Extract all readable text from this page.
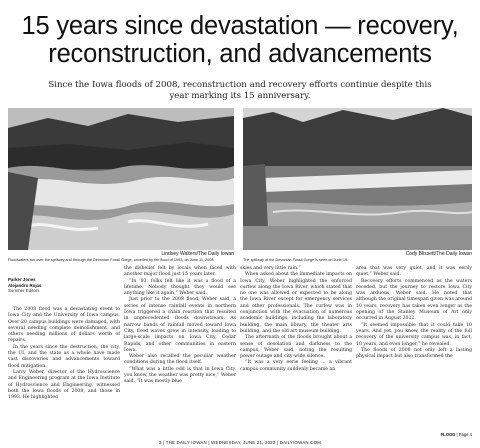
15 years since devastation — recovery,
reconstruction, and advancements
Since the Iowa floods of 2008, reconstruction and recovery efforts continue despite this year marking its 15 anniversary.
Lindsey Walters/The Daily Iowan	Cody Blissett/The Daily Iowan
Floodwaters run over the spillway and through the Devonian Fossil Gorge, unveiled by the flood of 1993, on June 11, 2008.	The spillway at the Devonian Fossil Gorge is seen on June 19.
Parker Jones
Alejandro Rojas
Summer Editors

The 2008 flood was a devastating event to Iowa City and the University of Iowa campus. Over 20 campus buildings were damaged, with several needing complete demolishment, and others needing millions of dollars worth of repairs.

In the years since the destruction, the city, the UI, and the state as a whole have made vast discoveries and advancements toward flood mitigation.

Larry Weber, director of the Hydroscience and Engineering program at the Iowa Institute of Hydroscience and Engineering, witnessed both the Iowa floods of 2008, and those in 1993. He highlighted

the disbelief felt by locals when faced with another major flood just 15 years later.

“In ’93, folks felt like it was a flood of a lifetime. Nobody thought they would see anything like it again,” Weber said.

Just prior to the 2008 flood, Weber said, a series of intense rainfall events in northern Iowa triggered a chain reaction that resulted in unprecedented floods downstream. As narrow bands of rainfall moved toward Iowa City, flood waves grew in intensity, leading to large-scale impacts on Iowa City, Cedar Rapids, and other communities in eastern Iowa.

Weber also recalled the peculiar weather conditions during the flood itself.

“What was a little odd is that in Iowa City, you know, the weather was pretty nice,” Weber said. “It was mostly blue

skies and very little rain.”

When asked about the immediate impacts on Iowa City, Weber highlighted the enforced curfew along the Iowa River, which stated that no one was allowed or expected to be along the Iowa River except for emergency services and other professionals. The curfew was in conjunction with the evacuation of numerous academic buildings, including the laboratory building, the main library, the theater arts building, and the old art museum building.

The aftermath of the floods brought about a sense of desolation and darkness to the campus, Weber said, noting the resulting power outage and city-wide silence.

“It was a very eerie feeling ... a vibrant campus community suddenly became an

area that was very quiet, and it was eerily quiet,” Weber said.

Recovery efforts commenced as the waters receded, but the journey to restore Iowa City was arduous, Weber said. He noted that although the original timespan given was around 10 years, recovery has taken even longer as the opening of the Stanley Museum of Art only occurred in August 2022.

“It seemed impossible that it could take 10 years. And yet, you know, the reality of the full recovery of the university campus was, in fact, 10 years, and even longer,” he revealed.

The floods of 2008 not only left a lasting physical impact but also transformed the

FLOOD | Page 4
3 | THE DAILY IOWAN | WEDNESDAY, JUNE 21, 2023 | DAILYIOWAN.COM
